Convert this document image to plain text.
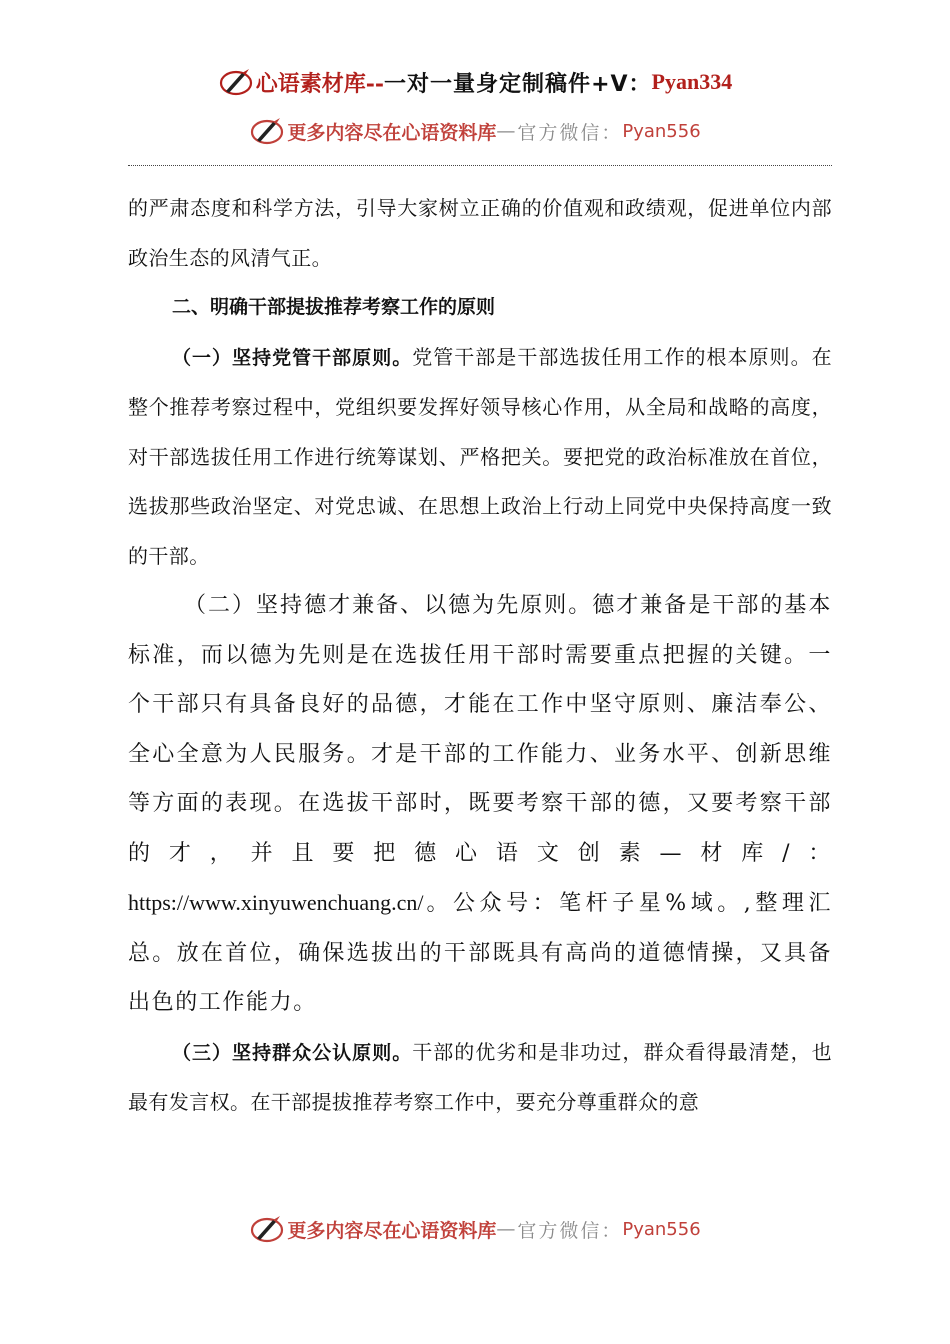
心语素材库-- 一对一量身定制稿件 +V： Pyan334
更多内容尽在心语资料库 — 官方微信： Pyan556

的严肃态度和科学方法，引导大家树立正确的价值观和政绩观，促进单位内部政治生态的风清气正。

二、明确干部提拔推荐考察工作的原则

（一）坚持党管干部原则。党管干部是干部选拔任用工作的根本原则。在整个推荐考察过程中，党组织要发挥好领导核心作用，从全局和战略的高度，对干部选拔任用工作进行统筹谋划、严格把关。要把党的政治标准放在首位，选拔那些政治坚定、对党忠诚、在思想上政治上行动上同党中央保持高度一致的干部。

（二）坚持德才兼备、以德为先原则。德才兼备是干部的基本标准，而以德为先则是在选拔任用干部时需要重点把握的关键。一个干部只有具备良好的品德，才能在工作中坚守原则、廉洁奉公、全心全意为人民服务。才是干部的工作能力、业务水平、创新思维等方面的表现。在选拔干部时，既要考察干部的德，又要考察干部的才，并且要把德心语文创素—材库/：https://www.xinyuwenchuang.cn/。公众号：笔杆子星%域。,整理汇总。放在首位，确保选拔出的干部既具有高尚的道德情操，又具备出色的工作能力。

（三）坚持群众公认原则。干部的优劣和是非功过，群众看得最清楚，也最有发言权。在干部提拔推荐考察工作中，要充分尊重群众的意

更多内容尽在心语资料库 — 官方微信： Pyan556
